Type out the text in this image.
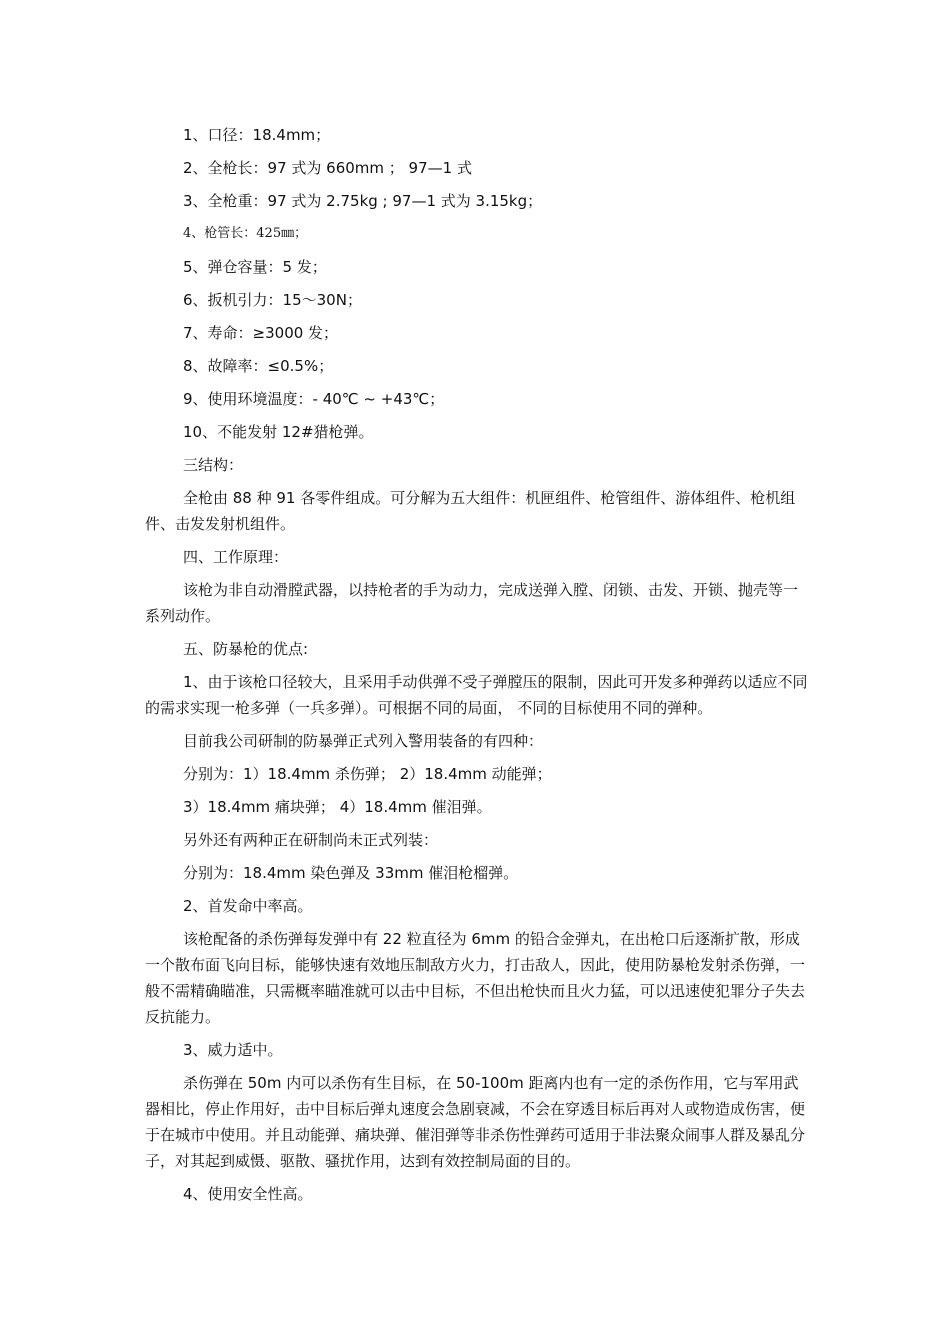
1、口径：18.4mm；

2、全枪长：97 式为 660mm ； 97—1 式

3、全枪重：97 式为 2.75kg ; 97—1 式为 3.15kg；

4、枪管长：425㎜；

5、弹仓容量：5 发；

6、扳机引力：15～30N；

7、寿命：≥3000 发；

8、故障率：≤0.5%；

9、使用环境温度：- 40℃ ~ +43℃；

10、不能发射 12#猎枪弹。

三结构：

全枪由 88 种 91 各零件组成。可分解为五大组件：机匣组件、枪管组件、游体组件、枪机组件、击发发射机组件。

四、工作原理：

该枪为非自动滑膛武器，以持枪者的手为动力，完成送弹入膛、闭锁、击发、开锁、抛壳等一系列动作。

五、防暴枪的优点:

1、由于该枪口径较大，且采用手动供弹不受子弹膛压的限制，因此可开发多种弹药以适应不同的需求实现一枪多弹（一兵多弹）。可根据不同的局面， 不同的目标使用不同的弹种。

目前我公司研制的防暴弹正式列入警用装备的有四种：

分别为：1）18.4mm 杀伤弹； 2）18.4mm 动能弹；

3）18.4mm 痛块弹； 4）18.4mm 催泪弹。

另外还有两种正在研制尚未正式列装：

分别为：18.4mm 染色弹及 33mm 催泪枪榴弹。

2、首发命中率高。

该枪配备的杀伤弹每发弹中有 22 粒直径为 6mm 的铅合金弹丸，在出枪口后逐渐扩散，形成一个散布面飞向目标，能够快速有效地压制敌方火力，打击敌人，因此，使用防暴枪发射杀伤弹，一般不需精确瞄准，只需概率瞄准就可以击中目标，不但出枪快而且火力猛，可以迅速使犯罪分子失去反抗能力。

3、威力适中。

杀伤弹在 50m 内可以杀伤有生目标，在 50-100m 距离内也有一定的杀伤作用，它与军用武器相比，停止作用好，击中目标后弹丸速度会急剧衰减，不会在穿透目标后再对人或物造成伤害，便于在城市中使用。并且动能弹、痛块弹、催泪弹等非杀伤性弹药可适用于非法聚众闹事人群及暴乱分子，对其起到威慑、驱散、骚扰作用，达到有效控制局面的目的。

4、使用安全性高。
